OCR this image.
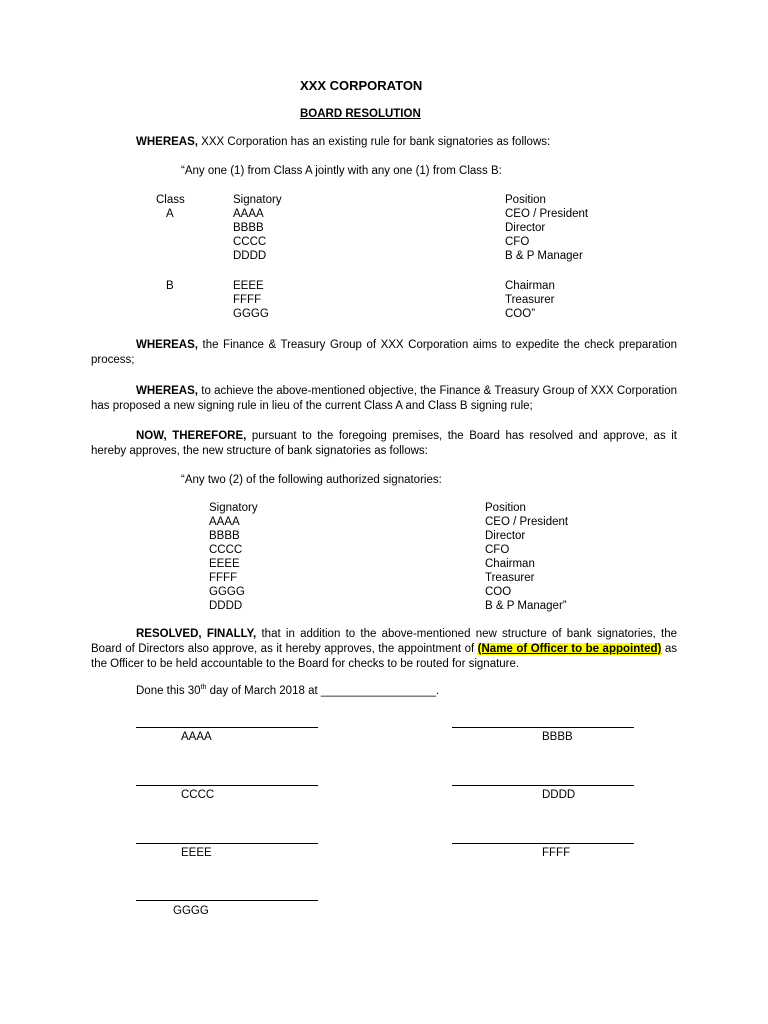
XXX CORPORATON
BOARD RESOLUTION
WHEREAS, XXX Corporation has an existing rule for bank signatories as follows:
“Any one (1) from Class A jointly with any one (1) from Class B:
Class	Signatory	Position
A	AAAA	CEO / President
BBBB	Director
CCCC	CFO
DDDD	B & P Manager
B	EEEE	Chairman
FFFF	Treasurer
GGGG	COO”
WHEREAS, the Finance & Treasury Group of XXX Corporation aims to expedite the check preparation process;
WHEREAS, to achieve the above-mentioned objective, the Finance & Treasury Group of XXX Corporation has proposed a new signing rule in lieu of the current Class A and Class B signing rule;
NOW, THEREFORE, pursuant to the foregoing premises, the Board has resolved and approve, as it hereby approves, the new structure of bank signatories as follows:
“Any two (2) of the following authorized signatories:
Signatory	Position
AAAA	CEO / President
BBBB	Director
CCCC	CFO
EEEE	Chairman
FFFF	Treasurer
GGGG	COO
DDDD	B & P Manager”
RESOLVED, FINALLY, that in addition to the above-mentioned new structure of bank signatories, the Board of Directors also approve, as it hereby approves, the appointment of (Name of Officer to be appointed) as the Officer to be held accountable to the Board for checks to be routed for signature.
Done this 30th day of March 2018 at __________________.
AAAA	BBBB
CCCC	DDDD
EEEE	FFFF
GGGG
